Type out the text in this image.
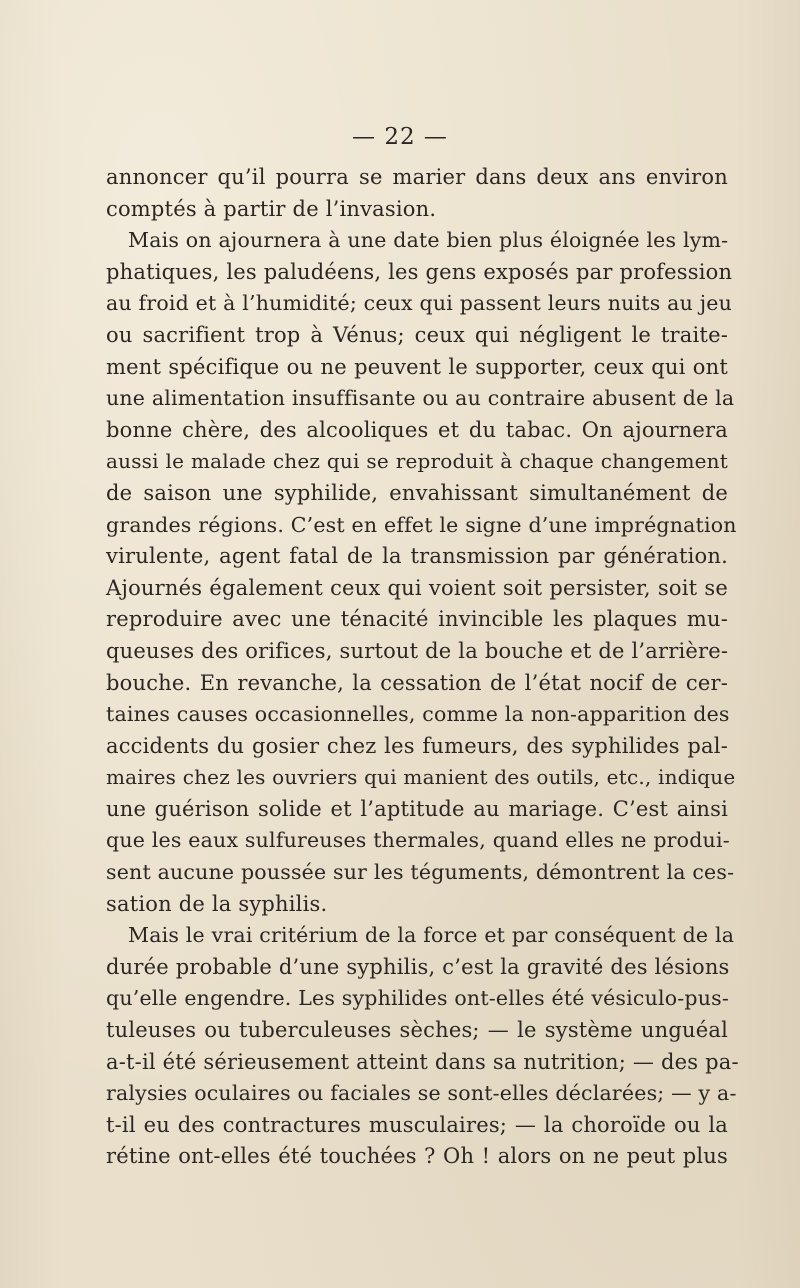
— 22 —
annoncer qu’il pourra se marier dans deux ans environ
comptés à partir de l’invasion.
Mais on ajournera à une date bien plus éloignée les lym-
phatiques, les paludéens, les gens exposés par profession
au froid et à l’humidité; ceux qui passent leurs nuits au jeu
ou sacrifient trop à Vénus; ceux qui négligent le traite-
ment spécifique ou ne peuvent le supporter, ceux qui ont
une alimentation insuffisante ou au contraire abusent de la
bonne chère, des alcooliques et du tabac. On ajournera
aussi le malade chez qui se reproduit à chaque changement
de saison une syphilide, envahissant simultanément de
grandes régions. C’est en effet le signe d’une imprégnation
virulente, agent fatal de la transmission par génération.
Ajournés également ceux qui voient soit persister, soit se
reproduire avec une ténacité invincible les plaques mu-
queuses des orifices, surtout de la bouche et de l’arrière-
bouche. En revanche, la cessation de l’état nocif de cer-
taines causes occasionnelles, comme la non-apparition des
accidents du gosier chez les fumeurs, des syphilides pal-
maires chez les ouvriers qui manient des outils, etc., indique
une guérison solide et l’aptitude au mariage. C’est ainsi
que les eaux sulfureuses thermales, quand elles ne produi-
sent aucune poussée sur les téguments, démontrent la ces-
sation de la syphilis.
Mais le vrai critérium de la force et par conséquent de la
durée probable d’une syphilis, c’est la gravité des lésions
qu’elle engendre. Les syphilides ont-elles été vésiculo-pus-
tuleuses ou tuberculeuses sèches; — le système unguéal
a-t-il été sérieusement atteint dans sa nutrition; — des pa-
ralysies oculaires ou faciales se sont-elles déclarées; — y a-
t-il eu des contractures musculaires; — la choroïde ou la
rétine ont-elles été touchées ? Oh ! alors on ne peut plus
